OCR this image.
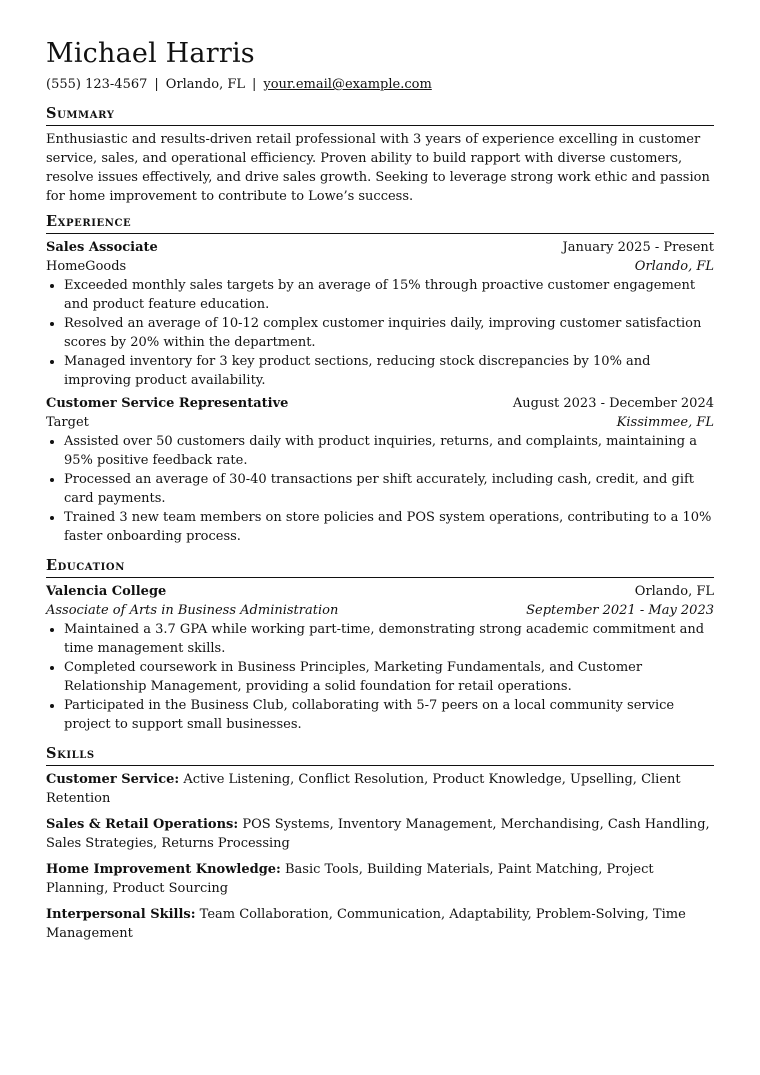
Michael Harris
(555) 123-4567 | Orlando, FL | your.email@example.com
Summary

Enthusiastic and results-driven retail professional with 3 years of experience excelling in customer service, sales, and operational efficiency. Proven ability to build rapport with diverse customers, resolve issues effectively, and drive sales growth. Seeking to leverage strong work ethic and passion for home improvement to contribute to Lowe’s success.

Experience
Sales Associate	January 2025 - Present
HomeGoods	Orlando, FL
• Exceeded monthly sales targets by an average of 15% through proactive customer engagement and product feature education.
• Resolved an average of 10-12 complex customer inquiries daily, improving customer satisfaction scores by 20% within the department.
• Managed inventory for 3 key product sections, reducing stock discrepancies by 10% and improving product availability.
Customer Service Representative	August 2023 - December 2024
Target	Kissimmee, FL
• Assisted over 50 customers daily with product inquiries, returns, and complaints, maintaining a 95% positive feedback rate.
• Processed an average of 30-40 transactions per shift accurately, including cash, credit, and gift card payments.
• Trained 3 new team members on store policies and POS system operations, contributing to a 10% faster onboarding process.
Education
Valencia College	Orlando, FL
Associate of Arts in Business Administration	September 2021 - May 2023
• Maintained a 3.7 GPA while working part-time, demonstrating strong academic commitment and time management skills.
• Completed coursework in Business Principles, Marketing Fundamentals, and Customer Relationship Management, providing a solid foundation for retail operations.
• Participated in the Business Club, collaborating with 5-7 peers on a local community service project to support small businesses.
Skills
Customer Service: Active Listening, Conflict Resolution, Product Knowledge, Upselling, Client Retention
Sales & Retail Operations: POS Systems, Inventory Management, Merchandising, Cash Handling, Sales Strategies, Returns Processing
Home Improvement Knowledge: Basic Tools, Building Materials, Paint Matching, Project Planning, Product Sourcing
Interpersonal Skills: Team Collaboration, Communication, Adaptability, Problem-Solving, Time Management
